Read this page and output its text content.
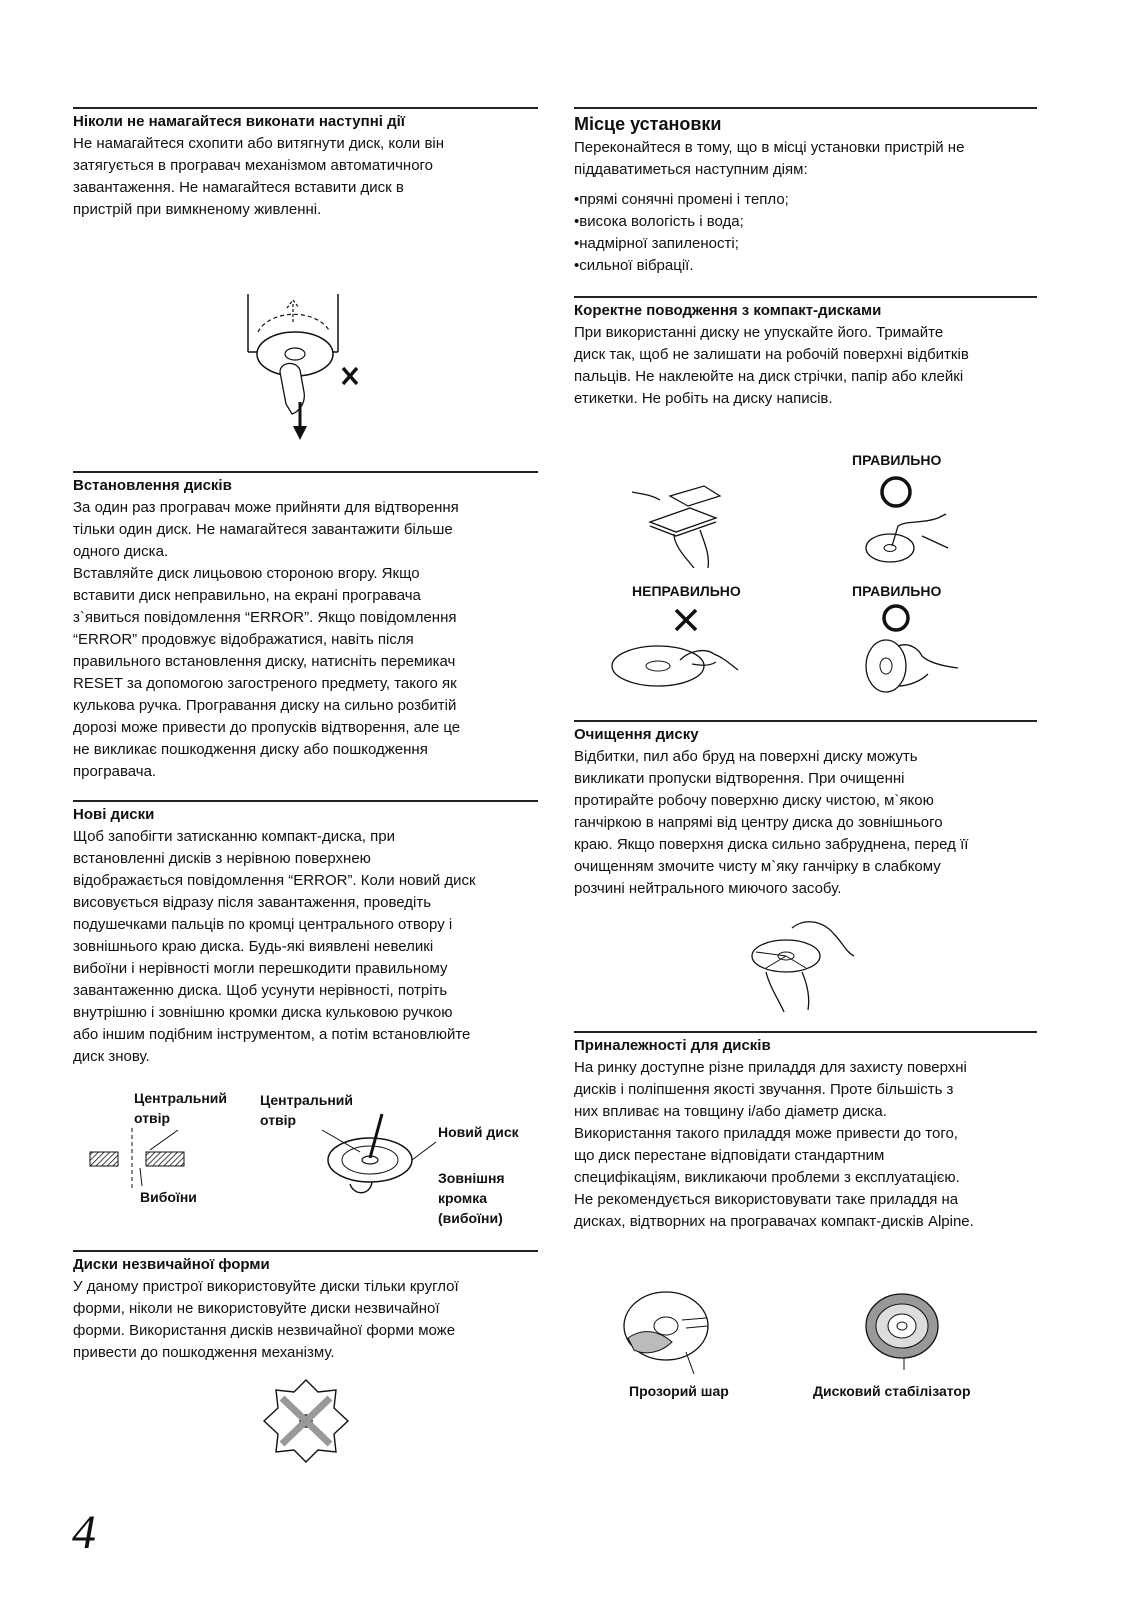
Ніколи не намагайтеся виконати наступні дії

Не намагайтеся схопити або витягнути диск, коли він
затягується в програвач механізмом автоматичного
завантаження. Не намагайтеся вставити диск в
пристрій при вимкненому живленні.

Встановлення дисків

За один раз програвач може прийняти для відтворення
тільки один диск. Не намагайтеся завантажити більше
одного диска.
Вставляйте диск лицьовою стороною вгору. Якщо
вставити диск неправильно, на екрані програвача
з`явиться повідомлення “ERROR”. Якщо повідомлення
“ERROR” продовжує відображатися, навіть після
правильного встановлення диску, натисніть перемикач
RESET за допомогою загостреного предмету, такого як
кулькова ручка. Програвання диску на сильно розбитій
дорозі може привести до пропусків відтворення, але це
не викликає пошкодження диску або пошкодження
програвача.

Нові диски

Щоб запобігти затисканню компакт-диска, при
встановленні дисків з нерівною поверхнею
відображається повідомлення “ERROR”. Коли новий диск
висовується відразу після завантаження, проведіть
подушечками пальців по кромці центрального отвору і
зовнішнього краю диска. Будь-які виявлені невеликі
вибоїни і нерівності могли перешкодити правильному
завантаженню диска. Щоб усунути нерівності, потріть
внутрішню і зовнішню кромки диска кульковою ручкою
або іншим подібним інструментом, а потім встановлюйте
диск знову.

Центральний
отвір
Центральний
отвір
Вибоїни
Новий диск
Зовнішня
кромка
(вибоїни)
Диски незвичайної форми

У даному пристрої використовуйте диски тільки круглої
форми, ніколи не використовуйте диски незвичайної
форми. Використання дисків незвичайної форми може
привести до пошкодження механізму.

Місце установки

Переконайтеся в тому, що в місці установки пристрій не
піддаватиметься наступним діям:

•прямі сонячні промені і тепло;
•висока вологість і вода;
•надмірної запиленості;
•сильної вібрації.
Коректне поводження з компакт-дисками

При використанні диску не упускайте його. Тримайте
диск так, щоб не залишати на робочій поверхні відбитків
пальців. Не наклеюйте на диск стрічки, папір або клейкі
етикетки. Не робіть на диску написів.

ПРАВИЛЬНО
НЕПРАВИЛЬНО	ПРАВИЛЬНО
Очищення диску

Відбитки, пил або бруд на поверхні диску можуть
викликати пропуски відтворення. При очищенні
протирайте робочу поверхню диску чистою, м`якою
ганчіркою в напрямі від центру диска до зовнішнього
краю. Якщо поверхня диска сильно забруднена, перед її
очищенням змочите чисту м`яку ганчірку в слабкому
розчині нейтрального миючого засобу.

Приналежності для дисків

На ринку доступне різне приладдя для захисту поверхні
дисків і поліпшення якості звучання. Проте більшість з
них впливає на товщину і/або діаметр диска.
Використання такого приладдя може привести до того,
що диск перестане відповідати стандартним
специфікаціям, викликаючи проблеми з експлуатацією.
Не рекомендується використовувати таке приладдя на
дисках, відтворних на програвачах компакт-дисків Alpine.

Прозорий шар	Дисковий стабілізатор
4
